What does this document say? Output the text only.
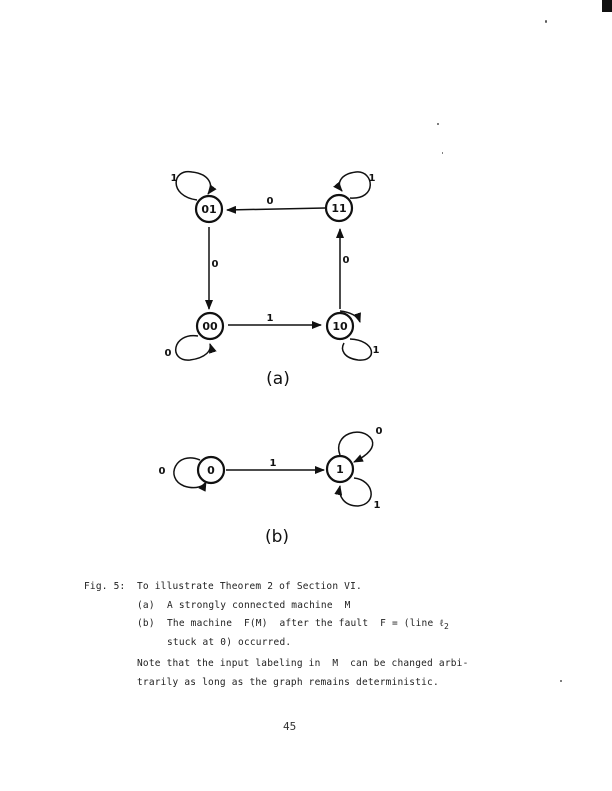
01	11
00	10
0
0
1
0
1	1
0	1
(a)
0	1
1
0
0
1
(b)
Fig. 5: To illustrate Theorem 2 of Section VI.
(a) A strongly connected machine  M
(b) The machine  F(M)  after the fault  F = (line ℓ$_2$
stuck at 0) occurred.
Note that the input labeling in  M  can be changed arbi-
trarily as long as the graph remains deterministic.
45
